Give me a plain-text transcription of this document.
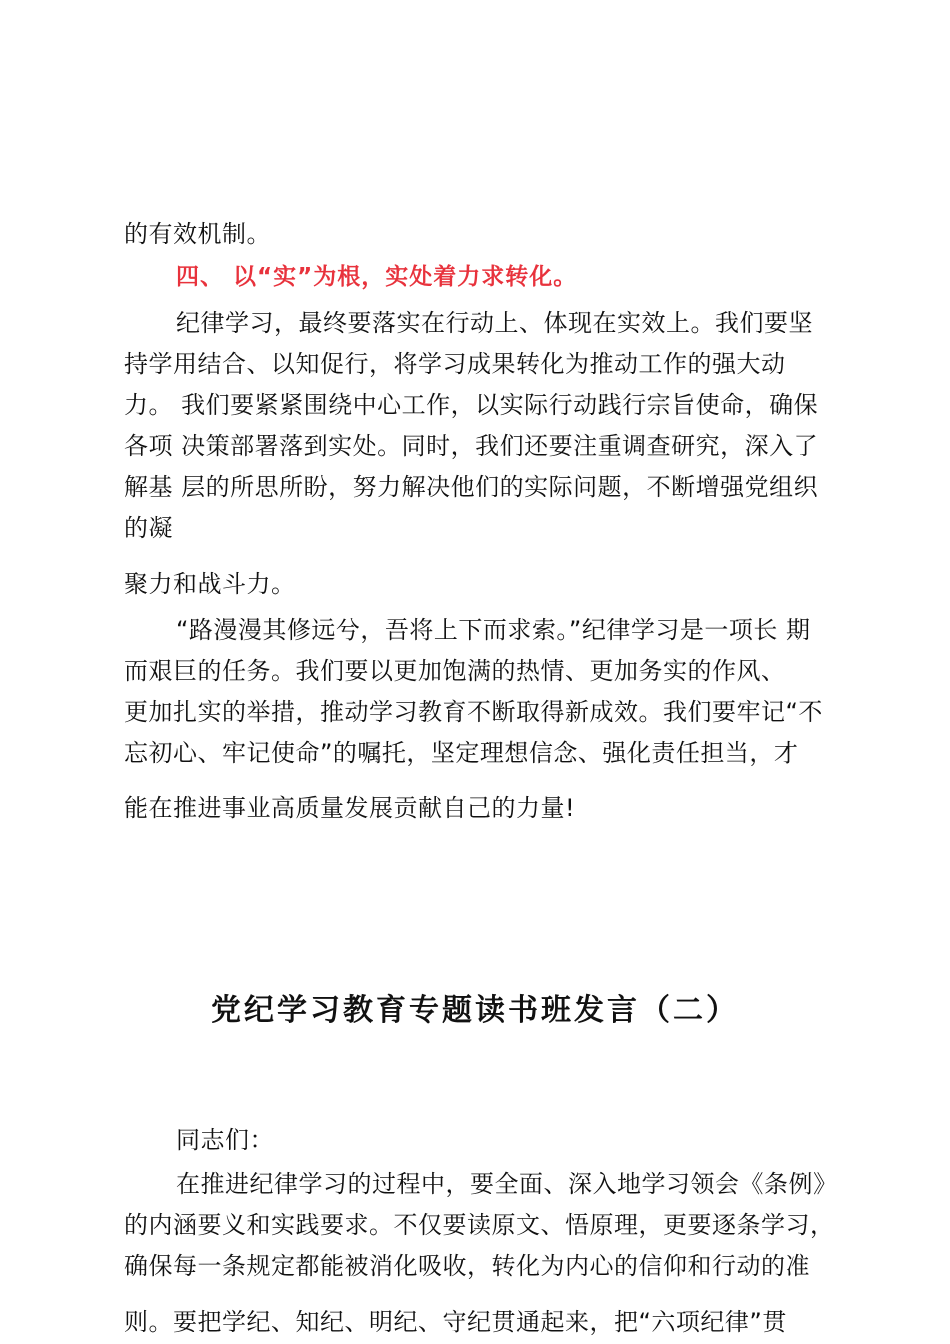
的有效机制。
四、 以“实”为根，实处着力求转化。
纪律学习，最终要落实在行动上、体现在实效上。我们要坚
持学用结合、以知促行，将学习成果转化为推动工作的强大动
力。 我们要紧紧围绕中心工作，以实际行动践行宗旨使命，确保
各项 决策部署落到实处。同时，我们还要注重调查研究，深入了
解基 层的所思所盼，努力解决他们的实际问题，不断增强党组织
的凝
聚力和战斗力。
“路漫漫其修远兮，吾将上下而求索。”纪律学习是一项长 期
而艰巨的任务。我们要以更加饱满的热情、更加务实的作风、
更加扎实的举措，推动学习教育不断取得新成效。我们要牢记“不
忘初心、牢记使命”的嘱托，坚定理想信念、强化责任担当，才
能在推进事业高质量发展贡献自己的力量!
党纪学习教育专题读书班发言（二）
同志们：
在推进纪律学习的过程中，要全面、深入地学习领会《条例》
的内涵要义和实践要求。不仅要读原文、悟原理，更要逐条学习，
确保每一条规定都能被消化吸收，转化为内心的信仰和行动的准
则。要把学纪、知纪、明纪、守纪贯通起来，把“六项纪律”贯
